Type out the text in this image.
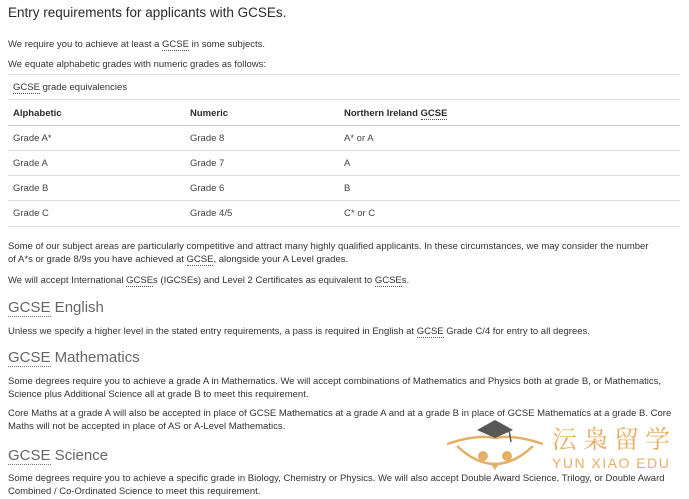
Entry requirements for applicants with GCSEs.
We require you to achieve at least a GCSE in some subjects.
We equate alphabetic grades with numeric grades as follows:
GCSE grade equivalencies
Alphabetic	Numeric	Northern Ireland GCSE
Grade A*	Grade 8	A* or A
Grade A	Grade 7	A
Grade B	Grade 6	B
Grade C	Grade 4/5	C* or C
Some of our subject areas are particularly competitive and attract many highly qualified applicants. In these circumstances, we may consider the number
of A*s or grade 8/9s you have achieved at GCSE, alongside your A Level grades.
We will accept International GCSEs (IGCSEs) and Level 2 Certificates as equivalent to GCSEs.
GCSE English
Unless we specify a higher level in the stated entry requirements, a pass is required in English at GCSE Grade C/4 for entry to all degrees.
GCSE Mathematics
Some degrees require you to achieve a grade A in Mathematics. We will accept combinations of Mathematics and Physics both at grade B, or Mathematics,
Science plus Additional Science all at grade B to meet this requirement.
Core Maths at a grade A will also be accepted in place of GCSE Mathematics at a grade A and at a grade B in place of GCSE Mathematics at a grade B. Core
Maths will not be accepted in place of AS or A-Level Mathematics.
GCSE Science
Some degrees require you to achieve a specific grade in Biology, Chemistry or Physics. We will also accept Double Award Science, Trilogy, or Double Award
Combined / Co-Ordinated Science to meet this requirement.
沄枭留学
YUN XIAO EDU
